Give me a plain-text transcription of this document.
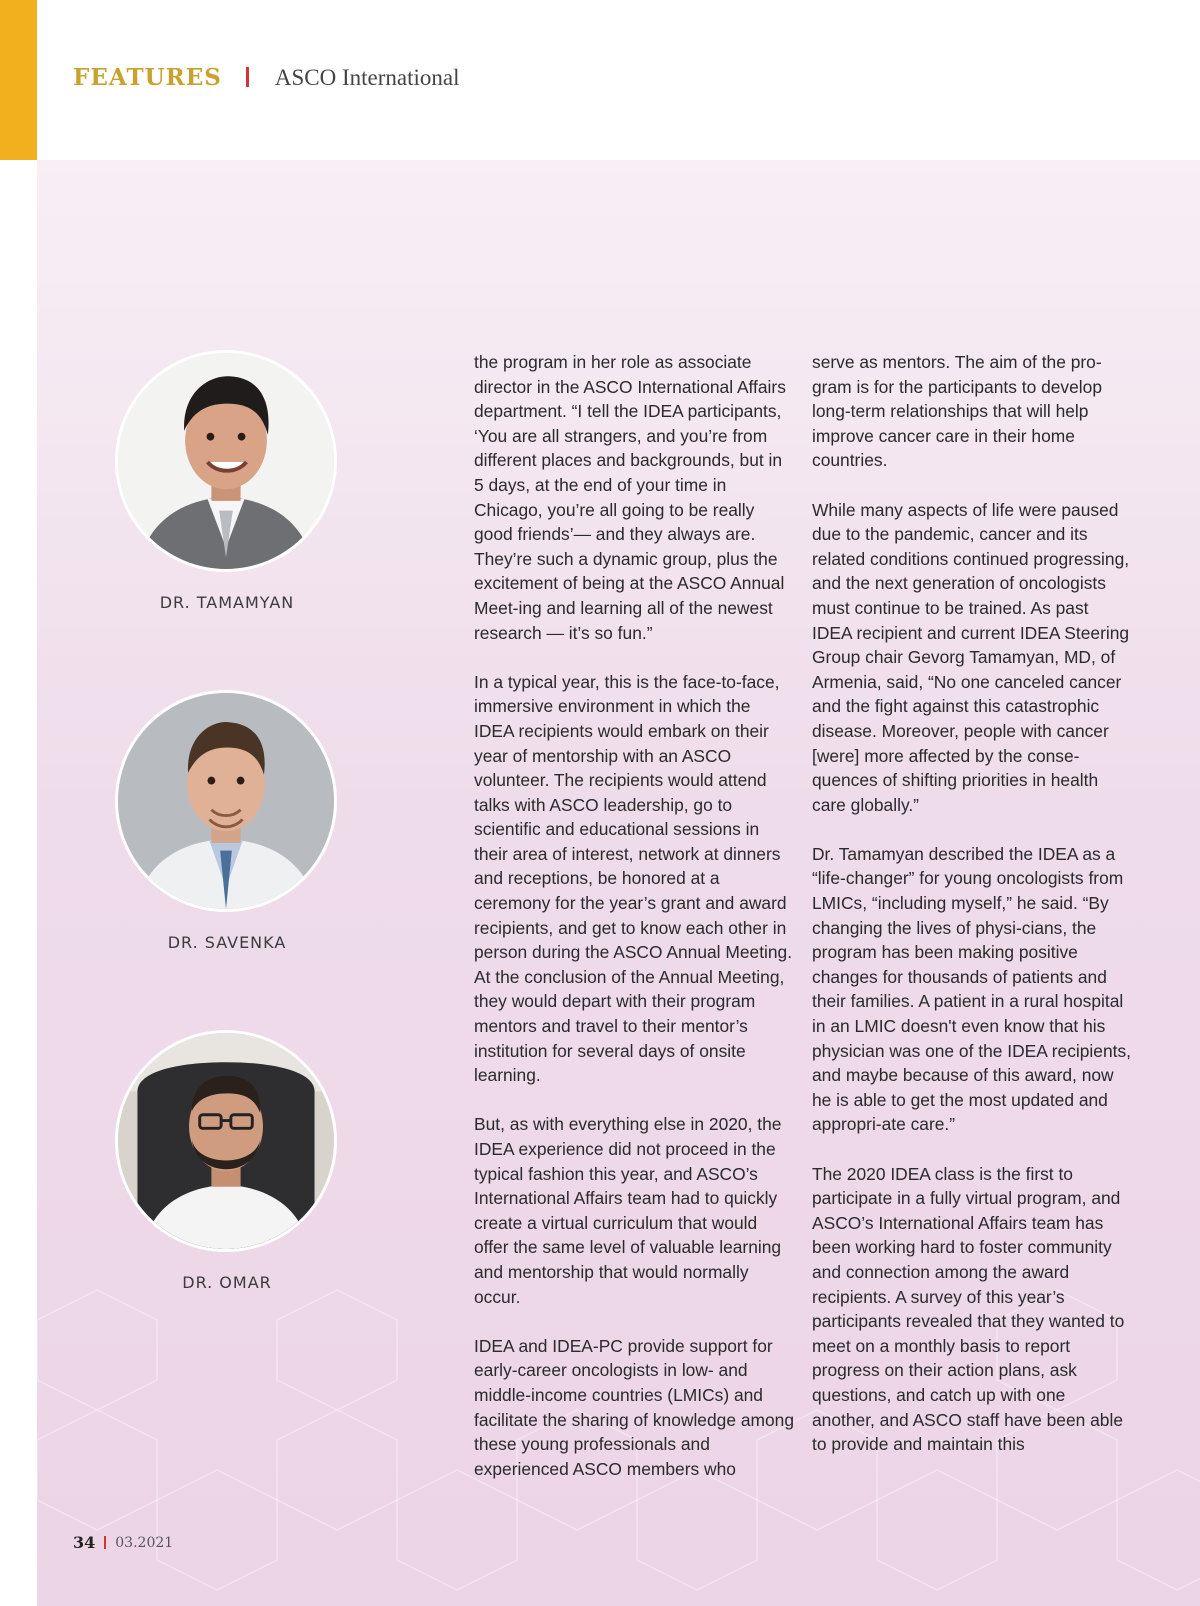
FEATURES ASCO International
DR. TAMAMYAN
DR. SAVENKA
DR. OMAR

the program in her role as associate director in the ASCO International Affairs department. “I tell the IDEA participants, ‘You are all strangers, and you’re from different places and backgrounds, but in 5 days, at the end of your time in Chicago, you’re all going to be really good friends’— and they always are. They’re such a dynamic group, plus the excitement of being at the ASCO Annual Meet-ing and learning all of the newest research — it’s so fun.”

In a typical year, this is the face-to-face, immersive environment in which the IDEA recipients would embark on their year of mentorship with an ASCO volunteer. The recipients would attend talks with ASCO leadership, go to scientific and educational sessions in their area of interest, network at dinners and receptions, be honored at a ceremony for the year’s grant and award recipients, and get to know each other in person during the ASCO Annual Meeting. At the conclusion of the Annual Meeting, they would depart with their program mentors and travel to their mentor’s institution for several days of onsite learning.

But, as with everything else in 2020, the IDEA experience did not proceed in the typical fashion this year, and ASCO’s International Affairs team had to quickly create a virtual curriculum that would offer the same level of valuable learning and mentorship that would normally occur.

IDEA and IDEA-PC provide support for early-career oncologists in low- and middle-income countries (LMICs) and facilitate the sharing of knowledge among these young professionals and experienced ASCO members who

serve as mentors. The aim of the pro-gram is for the participants to develop long-term relationships that will help improve cancer care in their home countries.

While many aspects of life were paused due to the pandemic, cancer and its related conditions continued progressing, and the next generation of oncologists must continue to be trained. As past IDEA recipient and current IDEA Steering Group chair Gevorg Tamamyan, MD, of Armenia, said, “No one canceled cancer and the fight against this catastrophic disease. Moreover, people with cancer [were] more affected by the conse-quences of shifting priorities in health care globally.”

Dr. Tamamyan described the IDEA as a “life-changer” for young oncologists from LMICs, “including myself,” he said. “By changing the lives of physi-cians, the program has been making positive changes for thousands of patients and their families. A patient in a rural hospital in an LMIC doesn't even know that his physician was one of the IDEA recipients, and maybe because of this award, now he is able to get the most updated and appropri-ate care.”

The 2020 IDEA class is the first to participate in a fully virtual program, and ASCO’s International Affairs team has been working hard to foster community and connection among the award recipients. A survey of this year’s participants revealed that they wanted to meet on a monthly basis to report progress on their action plans, ask questions, and catch up with one another, and ASCO staff have been able to provide and maintain this

34 03.2021
